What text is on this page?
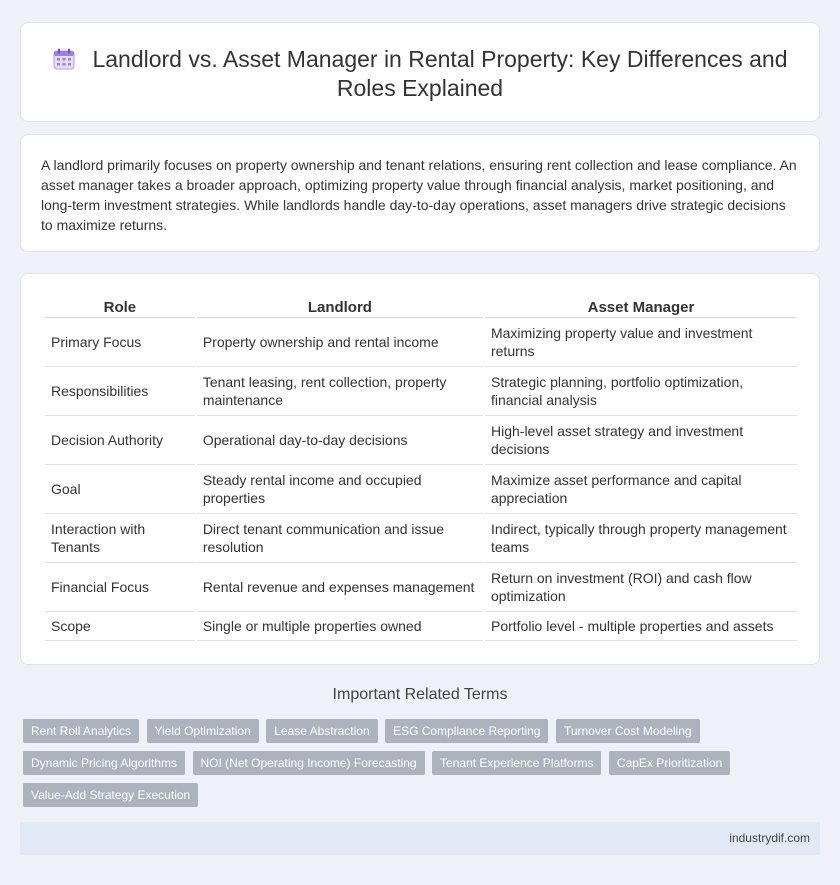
Landlord vs. Asset Manager in Rental Property: Key Differences and Roles Explained

A landlord primarily focuses on property ownership and tenant relations, ensuring rent collection and lease compliance. An asset manager takes a broader approach, optimizing property value through financial analysis, market positioning, and long-term investment strategies. While landlords handle day-to-day operations, asset managers drive strategic decisions to maximize returns.

Role	Landlord	Asset Manager
Primary Focus	Property ownership and rental income	Maximizing property value and investment returns
Responsibilities	Tenant leasing, rent collection, property maintenance	Strategic planning, portfolio optimization, financial analysis
Decision Authority	Operational day-to-day decisions	High-level asset strategy and investment decisions
Goal	Steady rental income and occupied properties	Maximize asset performance and capital appreciation
Interaction with Tenants	Direct tenant communication and issue resolution	Indirect, typically through property management teams
Financial Focus	Rental revenue and expenses management	Return on investment (ROI) and cash flow optimization
Scope	Single or multiple properties owned	Portfolio level - multiple properties and assets
Important Related Terms
Rent Roll Analytics Yield Optimization Lease Abstraction ESG Compliance Reporting Turnover Cost Modeling Dynamic Pricing Algorithms NOI (Net Operating Income) Forecasting Tenant Experience Platforms CapEx Prioritization Value-Add Strategy Execution
industrydif.com
